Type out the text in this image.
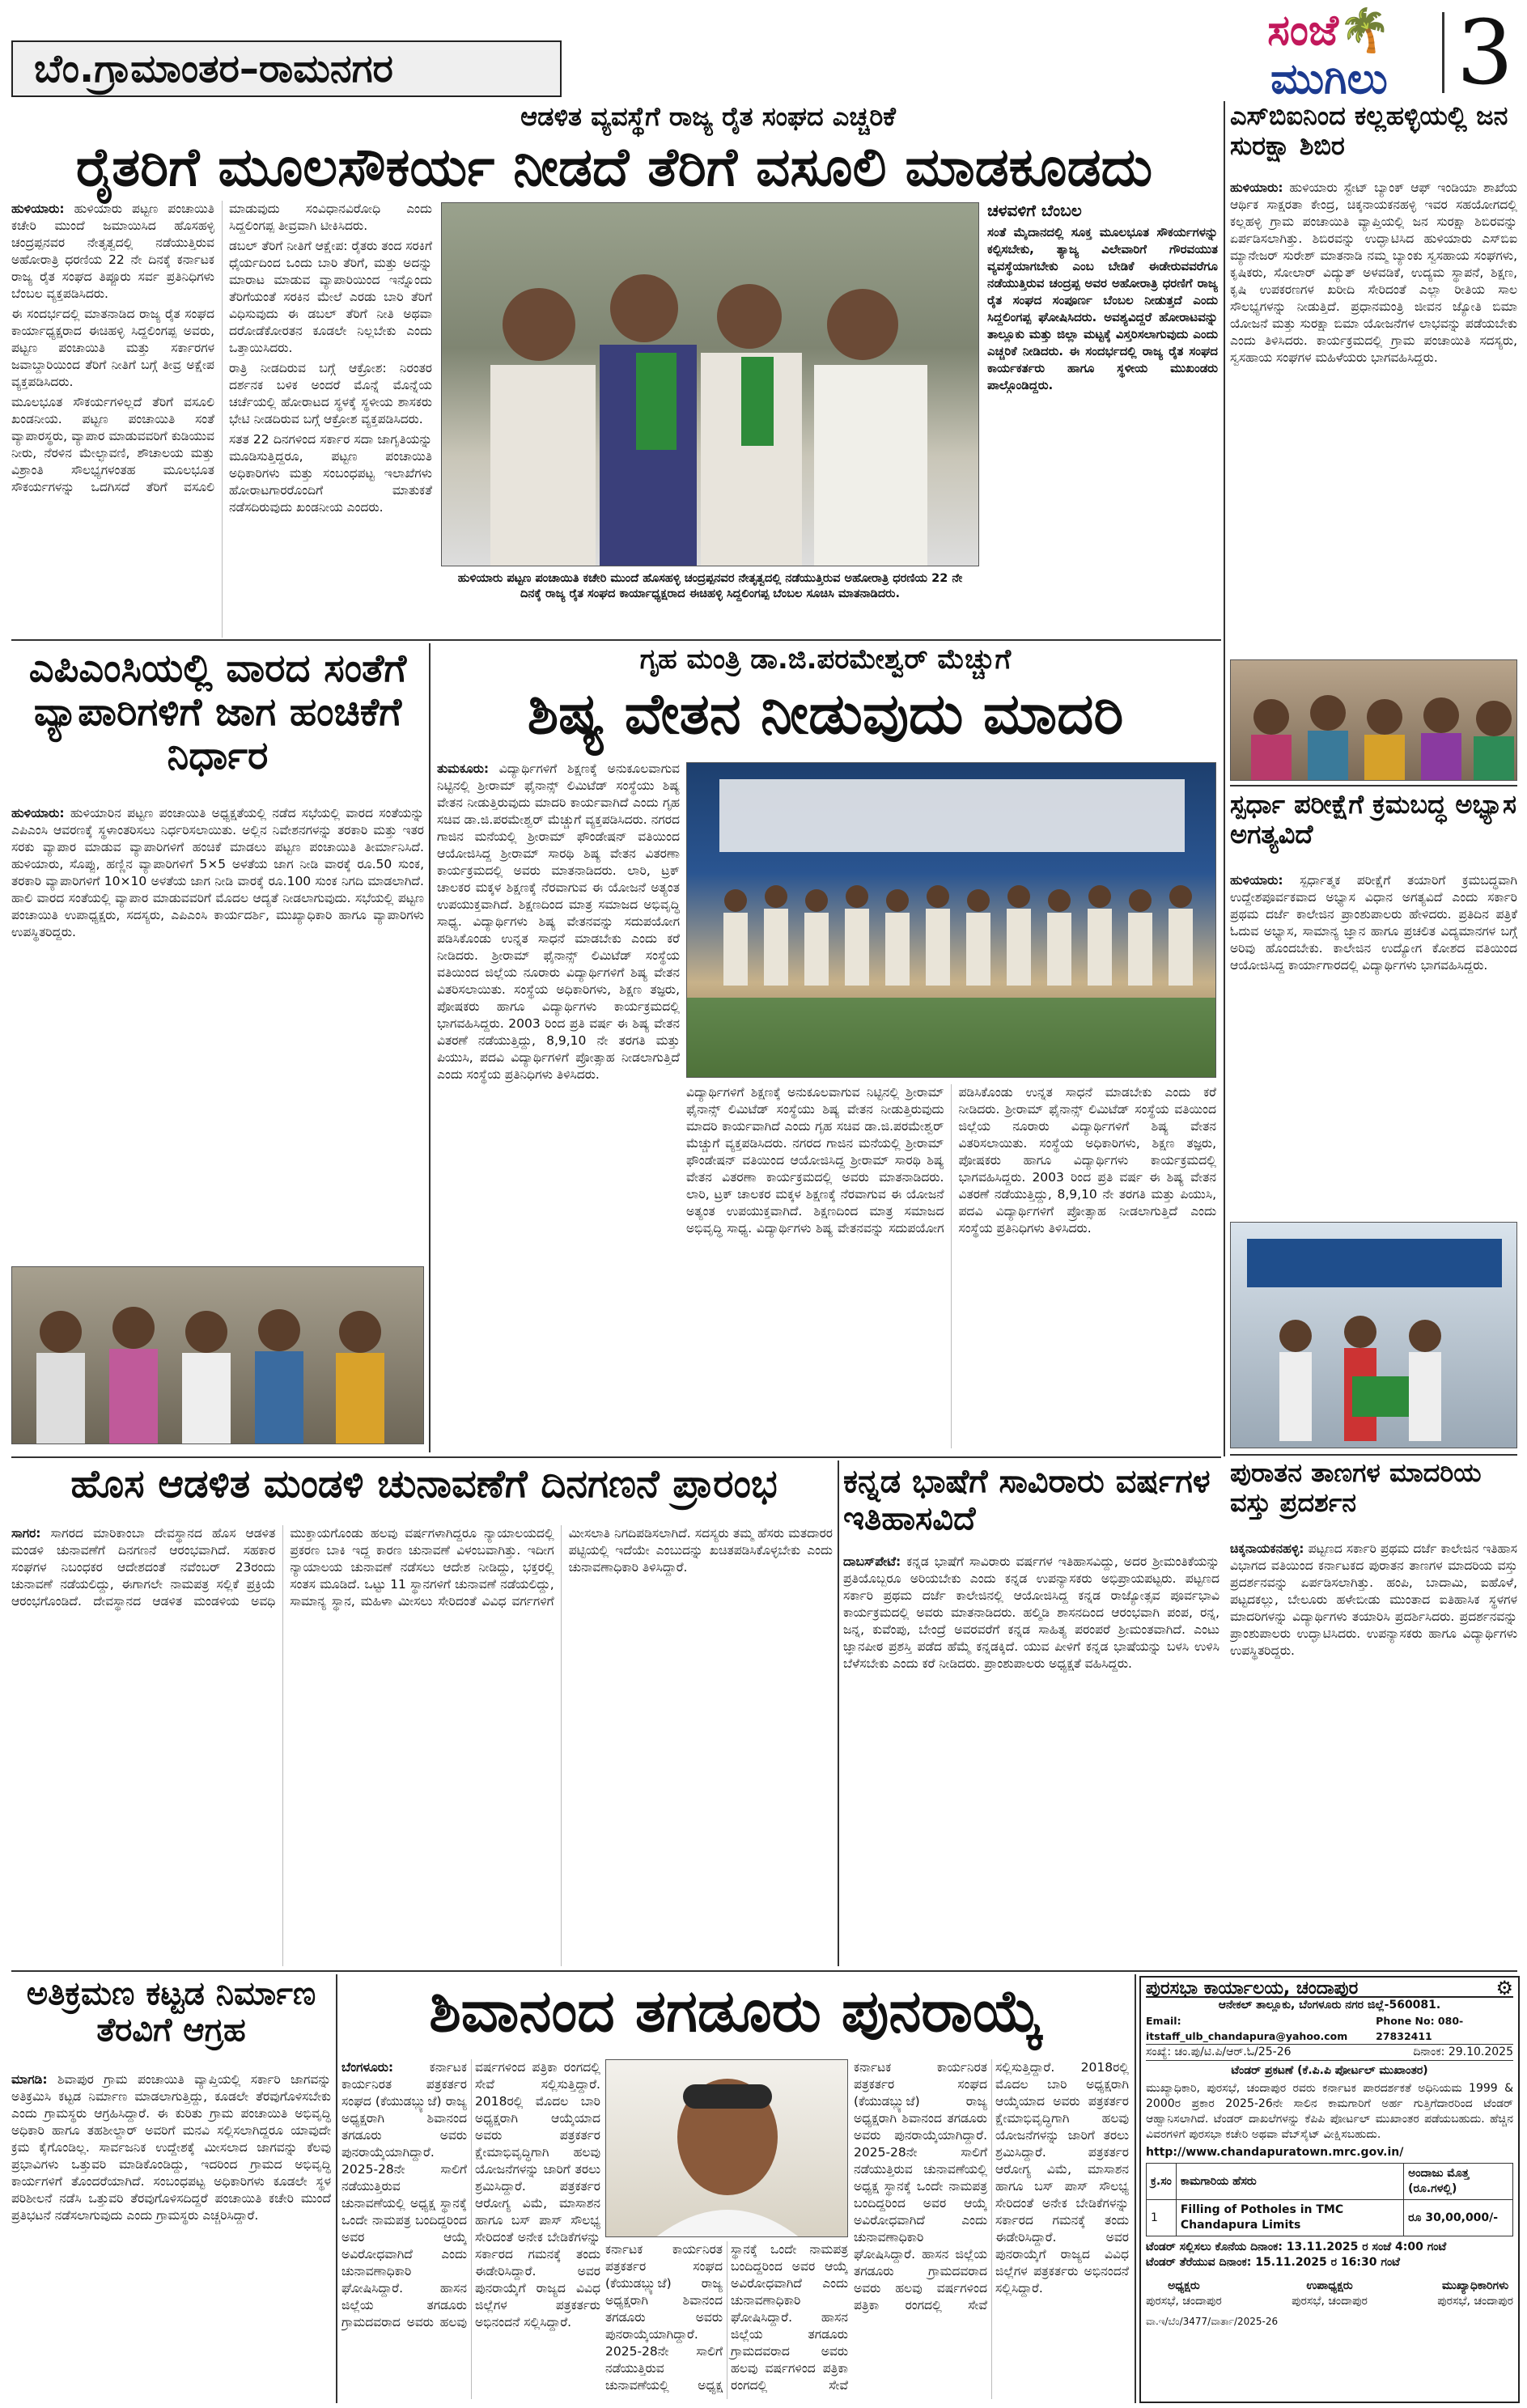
ಬೆಂ.ಗ್ರಾಮಾಂತರ–ರಾಮನಗರ
ಸಂಜೆ🌴ಮುಗಿಲು 3
ಆಡಳಿತ ವ್ಯವಸ್ಥೆಗೆ ರಾಜ್ಯ ರೈತ ಸಂಘದ ಎಚ್ಚರಿಕೆ
ರೈತರಿಗೆ ಮೂಲಸೌಕರ್ಯ ನೀಡದೆ ತೆರಿಗೆ ವಸೂಲಿ ಮಾಡಕೂಡದು

ಹುಳಿಯಾರು: ಹುಳಿಯಾರು ಪಟ್ಟಣ ಪಂಚಾಯಿತಿ ಕಚೇರಿ ಮುಂದೆ ಜಮಾಯಿಸಿದ ಹೊಸಹಳ್ಳಿ ಚಂದ್ರಪ್ಪನವರ ನೇತೃತ್ವದಲ್ಲಿ ನಡೆಯುತ್ತಿರುವ ಅಹೋರಾತ್ರಿ ಧರಣಿಯ 22 ನೇ ದಿನಕ್ಕೆ ಕರ್ನಾಟಕ ರಾಜ್ಯ ರೈತ ಸಂಘದ ತಿಪ್ಪೂರು ಸರ್ವ ಪ್ರತಿನಿಧಿಗಳು ಬೆಂಬಲ ವ್ಯಕ್ತಪಡಿಸಿದರು.

ಈ ಸಂದರ್ಭದಲ್ಲಿ ಮಾತನಾಡಿದ ರಾಜ್ಯ ರೈತ ಸಂಘದ ಕಾರ್ಯಾಧ್ಯಕ್ಷರಾದ ಈಚಿಹಳ್ಳಿ ಸಿದ್ದಲಿಂಗಪ್ಪ ಅವರು, ಪಟ್ಟಣ ಪಂಚಾಯಿತಿ ಮತ್ತು ಸರ್ಕಾರಗಳ ಜವಾಬ್ದಾರಿಯಿಂದ ತೆರಿಗೆ ನೀತಿಗೆ ಬಗ್ಗೆ ತೀವ್ರ ಅಕ್ಷೇಪ ವ್ಯಕ್ತಪಡಿಸಿದರು.

ಮೂಲಭೂತ ಸೌಕರ್ಯಗಳಿಲ್ಲದೆ ತೆರಿಗೆ ವಸೂಲಿ ಖಂಡನೀಯ. ಪಟ್ಟಣ ಪಂಚಾಯಿತಿ ಸಂತೆ ವ್ಯಾಪಾರಸ್ಥರು, ವ್ಯಾಪಾರ ಮಾಡುವವರಿಗೆ ಕುಡಿಯುವ ನೀರು, ನೆರಳಿನ ಮೇಲ್ಛಾವಣಿ, ಶೌಚಾಲಯ ಮತ್ತು ವಿಶ್ರಾಂತಿ ಸೌಲಭ್ಯಗಳಂತಹ ಮೂಲಭೂತ ಸೌಕರ್ಯಗಳನ್ನು ಒದಗಿಸದೆ ತೆರಿಗೆ ವಸೂಲಿ ಮಾಡುವುದು ಸಂವಿಧಾನವಿರೋಧಿ ಎಂದು ಸಿದ್ದಲಿಂಗಪ್ಪ ತೀವ್ರವಾಗಿ ಟೀಕಿಸಿದರು.

ಡಬಲ್ ತೆರಿಗೆ ನೀತಿಗೆ ಆಕ್ಷೇಪ: ರೈತರು ತಂದ ಸರಕಿಗೆ ಧೈರ್ಯದಿಂದ ಒಂದು ಬಾರಿ ತೆರಿಗೆ, ಮತ್ತು ಅದನ್ನು ಮಾರಾಟ ಮಾಡುವ ವ್ಯಾಪಾರಿಯಿಂದ ಇನ್ನೊಂದು ತೆರಿಗೆಯಂತೆ ಸರಕಿನ ಮೇಲೆ ಎರಡು ಬಾರಿ ತೆರಿಗೆ ವಿಧಿಸುವುದು ಈ ಡಬಲ್ ತೆರಿಗೆ ನೀತಿ ಅಥವಾ ದರೋಡೆಕೋರತನ ಕೂಡಲೇ ನಿಲ್ಲಬೇಕು ಎಂದು ಒತ್ತಾಯಿಸಿದರು.

ರಾತ್ರಿ ನೀಡದಿರುವ ಬಗ್ಗೆ ಆಕ್ರೋಶ: ನಿರಂತರ ದರ್ಶನಕ ಬಳಿಕ ಅಂದರೆ ಮೊನ್ನೆ ಮೊನ್ನೆಯ ಚರ್ಚೆಯಲ್ಲಿ ಹೋರಾಟದ ಸ್ಥಳಕ್ಕೆ ಸ್ಥಳೀಯ ಶಾಸಕರು ಭೇಟಿ ನೀಡದಿರುವ ಬಗ್ಗೆ ಆಕ್ರೋಶ ವ್ಯಕ್ತಪಡಿಸಿದರು.

ಸತತ 22 ದಿನಗಳಿಂದ ಸರ್ಕಾರ ಸದಾ ಜಾಗೃತಿಯನ್ನು ಮೂಡಿಸುತ್ತಿದ್ದರೂ, ಪಟ್ಟಣ ಪಂಚಾಯಿತಿ ಅಧಿಕಾರಿಗಳು ಮತ್ತು ಸಂಬಂಧಪಟ್ಟ ಇಲಾಖೆಗಳು ಹೋರಾಟಗಾರರೊಂದಿಗೆ ಮಾತುಕತೆ ನಡೆಸದಿರುವುದು ಖಂಡನೀಯ ಎಂದರು.

ಹುಳಿಯಾರು ಪಟ್ಟಣ ಪಂಚಾಯಿತಿ ಕಚೇರಿ ಮುಂದೆ ಹೊಸಹಳ್ಳಿ ಚಂದ್ರಪ್ಪನವರ ನೇತೃತ್ವದಲ್ಲಿ ನಡೆಯುತ್ತಿರುವ ಅಹೋರಾತ್ರಿ ಧರಣಿಯ 22 ನೇ ದಿನಕ್ಕೆ ರಾಜ್ಯ ರೈತ ಸಂಘದ ಕಾರ್ಯಾಧ್ಯಕ್ಷರಾದ ಈಚಿಹಳ್ಳಿ ಸಿದ್ದಲಿಂಗಪ್ಪ ಬೆಂಬಲ ಸೂಚಿಸಿ ಮಾತನಾಡಿದರು.
ಚಳವಳಿಗೆ ಬೆಂಬಲ
ಸಂತೆ ಮೈದಾನದಲ್ಲಿ ಸೂಕ್ತ ಮೂಲಭೂತ ಸೌಕರ್ಯಗಳನ್ನು ಕಲ್ಪಿಸಬೇಕು, ತ್ಯಾಜ್ಯ ವಿಲೇವಾರಿಗೆ ಗೌರವಯುತ ವ್ಯವಸ್ಥೆಯಾಗಬೇಕು ಎಂಬ ಬೇಡಿಕೆ ಈಡೇರುವವರೆಗೂ ನಡೆಯುತ್ತಿರುವ ಚಂದ್ರಪ್ಪ ಅವರ ಅಹೋರಾತ್ರಿ ಧರಣಿಗೆ ರಾಜ್ಯ ರೈತ ಸಂಘದ ಸಂಪೂರ್ಣ ಬೆಂಬಲ ನೀಡುತ್ತದೆ ಎಂದು ಸಿದ್ದಲಿಂಗಪ್ಪ ಘೋಷಿಸಿದರು. ಅವಶ್ಯವಿದ್ದರೆ ಹೋರಾಟವನ್ನು ತಾಲ್ಲೂಕು ಮತ್ತು ಜಿಲ್ಲಾ ಮಟ್ಟಕ್ಕೆ ವಿಸ್ತರಿಸಲಾಗುವುದು ಎಂದು ಎಚ್ಚರಿಕೆ ನೀಡಿದರು. ಈ ಸಂದರ್ಭದಲ್ಲಿ ರಾಜ್ಯ ರೈತ ಸಂಘದ ಕಾರ್ಯಕರ್ತರು ಹಾಗೂ ಸ್ಥಳೀಯ ಮುಖಂಡರು ಪಾಲ್ಗೊಂಡಿದ್ದರು.
ಎಸ್‌ಬಿಐನಿಂದ ಕಲ್ಲಹಳ್ಳಿಯಲ್ಲಿ ಜನ ಸುರಕ್ಷಾ ಶಿಬಿರ
ಹುಳಿಯಾರು: ಹುಳಿಯಾರು ಸ್ಟೇಟ್ ಬ್ಯಾಂಕ್ ಆಫ್ ಇಂಡಿಯಾ ಶಾಖೆಯ ಆರ್ಥಿಕ ಸಾಕ್ಷರತಾ ಕೇಂದ್ರ, ಚಿಕ್ಕನಾಯಕನಹಳ್ಳಿ ಇವರ ಸಹಯೋಗದಲ್ಲಿ ಕಲ್ಲಹಳ್ಳಿ ಗ್ರಾಮ ಪಂಚಾಯಿತಿ ವ್ಯಾಪ್ತಿಯಲ್ಲಿ ಜನ ಸುರಕ್ಷಾ ಶಿಬಿರವನ್ನು ಏರ್ಪಡಿಸಲಾಗಿತ್ತು. ಶಿಬಿರವನ್ನು ಉದ್ಘಾಟಿಸಿದ ಹುಳಿಯಾರು ಎಸ್‌ಬಿಐ ಮ್ಯಾನೇಜರ್ ಸುರೇಶ್ ಮಾತನಾಡಿ ನಮ್ಮ ಬ್ಯಾಂಕು ಸ್ವಸಹಾಯ ಸಂಘಗಳು, ಕೃಷಿಕರು, ಸೋಲಾರ್ ವಿದ್ಯುತ್ ಅಳವಡಿಕೆ, ಉದ್ಯಮ ಸ್ಥಾಪನೆ, ಶಿಕ್ಷಣ, ಕೃಷಿ ಉಪಕರಣಗಳ ಖರೀದಿ ಸೇರಿದಂತೆ ಎಲ್ಲಾ ರೀತಿಯ ಸಾಲ ಸೌಲಭ್ಯಗಳನ್ನು ನೀಡುತ್ತಿದೆ. ಪ್ರಧಾನಮಂತ್ರಿ ಜೀವನ ಜ್ಯೋತಿ ಬಿಮಾ ಯೋಜನೆ ಮತ್ತು ಸುರಕ್ಷಾ ಬಿಮಾ ಯೋಜನೆಗಳ ಲಾಭವನ್ನು ಪಡೆಯಬೇಕು ಎಂದು ತಿಳಿಸಿದರು. ಕಾರ್ಯಕ್ರಮದಲ್ಲಿ ಗ್ರಾಮ ಪಂಚಾಯಿತಿ ಸದಸ್ಯರು, ಸ್ವಸಹಾಯ ಸಂಘಗಳ ಮಹಿಳೆಯರು ಭಾಗವಹಿಸಿದ್ದರು.
ಸ್ಪರ್ಧಾ ಪರೀಕ್ಷೆಗೆ ಕ್ರಮಬದ್ಧ ಅಭ್ಯಾಸ ಅಗತ್ಯವಿದೆ
ಹುಳಿಯಾರು: ಸ್ಪರ್ಧಾತ್ಮಕ ಪರೀಕ್ಷೆಗೆ ತಯಾರಿಗೆ ಕ್ರಮಬದ್ಧವಾಗಿ ಉದ್ದೇಶಪೂರ್ವಕವಾದ ಅಭ್ಯಾಸ ವಿಧಾನ ಅಗತ್ಯವಿದೆ ಎಂದು ಸರ್ಕಾರಿ ಪ್ರಥಮ ದರ್ಜೆ ಕಾಲೇಜಿನ ಪ್ರಾಂಶುಪಾಲರು ಹೇಳಿದರು. ಪ್ರತಿದಿನ ಪತ್ರಿಕೆ ಓದುವ ಅಭ್ಯಾಸ, ಸಾಮಾನ್ಯ ಜ್ಞಾನ ಹಾಗೂ ಪ್ರಚಲಿತ ವಿದ್ಯಮಾನಗಳ ಬಗ್ಗೆ ಅರಿವು ಹೊಂದಬೇಕು. ಕಾಲೇಜಿನ ಉದ್ಯೋಗ ಕೋಶದ ವತಿಯಿಂದ ಆಯೋಜಿಸಿದ್ದ ಕಾರ್ಯಾಗಾರದಲ್ಲಿ ವಿದ್ಯಾರ್ಥಿಗಳು ಭಾಗವಹಿಸಿದ್ದರು.
ಪುರಾತನ ತಾಣಗಳ ಮಾದರಿಯ ವಸ್ತು ಪ್ರದರ್ಶನ
ಚಿಕ್ಕನಾಯಕನಹಳ್ಳಿ: ಪಟ್ಟಣದ ಸರ್ಕಾರಿ ಪ್ರಥಮ ದರ್ಜೆ ಕಾಲೇಜಿನ ಇತಿಹಾಸ ವಿಭಾಗದ ವತಿಯಿಂದ ಕರ್ನಾಟಕದ ಪುರಾತನ ತಾಣಗಳ ಮಾದರಿಯ ವಸ್ತು ಪ್ರದರ್ಶನವನ್ನು ಏರ್ಪಡಿಸಲಾಗಿತ್ತು. ಹಂಪಿ, ಬಾದಾಮಿ, ಐಹೊಳೆ, ಪಟ್ಟದಕಲ್ಲು, ಬೇಲೂರು ಹಳೇಬೀಡು ಮುಂತಾದ ಐತಿಹಾಸಿಕ ಸ್ಥಳಗಳ ಮಾದರಿಗಳನ್ನು ವಿದ್ಯಾರ್ಥಿಗಳು ತಯಾರಿಸಿ ಪ್ರದರ್ಶಿಸಿದರು. ಪ್ರದರ್ಶನವನ್ನು ಪ್ರಾಂಶುಪಾಲರು ಉದ್ಘಾಟಿಸಿದರು. ಉಪನ್ಯಾಸಕರು ಹಾಗೂ ವಿದ್ಯಾರ್ಥಿಗಳು ಉಪಸ್ಥಿತರಿದ್ದರು.
ಎಪಿಎಂಸಿಯಲ್ಲಿ ವಾರದ ಸಂತೆಗೆ ವ್ಯಾಪಾರಿಗಳಿಗೆ ಜಾಗ ಹಂಚಿಕೆಗೆ ನಿರ್ಧಾರ
ಹುಳಿಯಾರು: ಹುಳಿಯಾರಿನ ಪಟ್ಟಣ ಪಂಚಾಯಿತಿ ಅಧ್ಯಕ್ಷತೆಯಲ್ಲಿ ನಡೆದ ಸಭೆಯಲ್ಲಿ ವಾರದ ಸಂತೆಯನ್ನು ಎಪಿಎಂಸಿ ಆವರಣಕ್ಕೆ ಸ್ಥಳಾಂತರಿಸಲು ನಿರ್ಧರಿಸಲಾಯಿತು. ಅಲ್ಲಿನ ನಿವೇಶನಗಳನ್ನು ತರಕಾರಿ ಮತ್ತು ಇತರ ಸರಕು ವ್ಯಾಪಾರ ಮಾಡುವ ವ್ಯಾಪಾರಿಗಳಿಗೆ ಹಂಚಿಕೆ ಮಾಡಲು ಪಟ್ಟಣ ಪಂಚಾಯಿತಿ ತೀರ್ಮಾನಿಸಿದೆ. ಹುಳಿಯಾರು, ಸೊಪ್ಪು, ಹಣ್ಣಿನ ವ್ಯಾಪಾರಿಗಳಿಗೆ 5×5 ಅಳತೆಯ ಜಾಗ ನೀಡಿ ವಾರಕ್ಕೆ ರೂ.50 ಸುಂಕ, ತರಕಾರಿ ವ್ಯಾಪಾರಿಗಳಿಗೆ 10×10 ಅಳತೆಯ ಜಾಗ ನೀಡಿ ವಾರಕ್ಕೆ ರೂ.100 ಸುಂಕ ನಿಗದಿ ಮಾಡಲಾಗಿದೆ. ಹಾಲಿ ವಾರದ ಸಂತೆಯಲ್ಲಿ ವ್ಯಾಪಾರ ಮಾಡುವವರಿಗೆ ಮೊದಲ ಆದ್ಯತೆ ನೀಡಲಾಗುವುದು. ಸಭೆಯಲ್ಲಿ ಪಟ್ಟಣ ಪಂಚಾಯಿತಿ ಉಪಾಧ್ಯಕ್ಷರು, ಸದಸ್ಯರು, ಎಪಿಎಂಸಿ ಕಾರ್ಯದರ್ಶಿ, ಮುಖ್ಯಾಧಿಕಾರಿ ಹಾಗೂ ವ್ಯಾಪಾರಿಗಳು ಉಪಸ್ಥಿತರಿದ್ದರು.
ಗೃಹ ಮಂತ್ರಿ ಡಾ.ಜಿ.ಪರಮೇಶ್ವರ್ ಮೆಚ್ಚುಗೆ
ಶಿಷ್ಯ ವೇತನ ನೀಡುವುದು ಮಾದರಿ
ತುಮಕೂರು: ವಿದ್ಯಾರ್ಥಿಗಳಿಗೆ ಶಿಕ್ಷಣಕ್ಕೆ ಅನುಕೂಲವಾಗುವ ನಿಟ್ಟಿನಲ್ಲಿ ಶ್ರೀರಾಮ್ ಫೈನಾನ್ಸ್ ಲಿಮಿಟೆಡ್ ಸಂಸ್ಥೆಯು ಶಿಷ್ಯ ವೇತನ ನೀಡುತ್ತಿರುವುದು ಮಾದರಿ ಕಾರ್ಯವಾಗಿದೆ ಎಂದು ಗೃಹ ಸಚಿವ ಡಾ.ಜಿ.ಪರಮೇಶ್ವರ್ ಮೆಚ್ಚುಗೆ ವ್ಯಕ್ತಪಡಿಸಿದರು. ನಗರದ ಗಾಜಿನ ಮನೆಯಲ್ಲಿ ಶ್ರೀರಾಮ್ ಫೌಂಡೇಷನ್ ವತಿಯಿಂದ ಆಯೋಜಿಸಿದ್ದ ಶ್ರೀರಾಮ್ ಸಾರಥಿ ಶಿಷ್ಯ ವೇತನ ವಿತರಣಾ ಕಾರ್ಯಕ್ರಮದಲ್ಲಿ ಅವರು ಮಾತನಾಡಿದರು. ಲಾರಿ, ಟ್ರಕ್ ಚಾಲಕರ ಮಕ್ಕಳ ಶಿಕ್ಷಣಕ್ಕೆ ನೆರವಾಗುವ ಈ ಯೋಜನೆ ಅತ್ಯಂತ ಉಪಯುಕ್ತವಾಗಿದೆ. ಶಿಕ್ಷಣದಿಂದ ಮಾತ್ರ ಸಮಾಜದ ಅಭಿವೃದ್ಧಿ ಸಾಧ್ಯ. ವಿದ್ಯಾರ್ಥಿಗಳು ಶಿಷ್ಯ ವೇತನವನ್ನು ಸದುಪಯೋಗ ಪಡಿಸಿಕೊಂಡು ಉನ್ನತ ಸಾಧನೆ ಮಾಡಬೇಕು ಎಂದು ಕರೆ ನೀಡಿದರು. ಶ್ರೀರಾಮ್ ಫೈನಾನ್ಸ್ ಲಿಮಿಟೆಡ್ ಸಂಸ್ಥೆಯ ವತಿಯಿಂದ ಜಿಲ್ಲೆಯ ನೂರಾರು ವಿದ್ಯಾರ್ಥಿಗಳಿಗೆ ಶಿಷ್ಯ ವೇತನ ವಿತರಿಸಲಾಯಿತು. ಸಂಸ್ಥೆಯ ಅಧಿಕಾರಿಗಳು, ಶಿಕ್ಷಣ ತಜ್ಞರು, ಪೋಷಕರು ಹಾಗೂ ವಿದ್ಯಾರ್ಥಿಗಳು ಕಾರ್ಯಕ್ರಮದಲ್ಲಿ ಭಾಗವಹಿಸಿದ್ದರು. 2003 ರಿಂದ ಪ್ರತಿ ವರ್ಷ ಈ ಶಿಷ್ಯ ವೇತನ ವಿತರಣೆ ನಡೆಯುತ್ತಿದ್ದು, 8,9,10 ನೇ ತರಗತಿ ಮತ್ತು ಪಿಯುಸಿ, ಪದವಿ ವಿದ್ಯಾರ್ಥಿಗಳಿಗೆ ಪ್ರೋತ್ಸಾಹ ನೀಡಲಾಗುತ್ತಿದೆ ಎಂದು ಸಂಸ್ಥೆಯ ಪ್ರತಿನಿಧಿಗಳು ತಿಳಿಸಿದರು.
ವಿದ್ಯಾರ್ಥಿಗಳಿಗೆ ಶಿಕ್ಷಣಕ್ಕೆ ಅನುಕೂಲವಾಗುವ ನಿಟ್ಟಿನಲ್ಲಿ ಶ್ರೀರಾಮ್ ಫೈನಾನ್ಸ್ ಲಿಮಿಟೆಡ್ ಸಂಸ್ಥೆಯು ಶಿಷ್ಯ ವೇತನ ನೀಡುತ್ತಿರುವುದು ಮಾದರಿ ಕಾರ್ಯವಾಗಿದೆ ಎಂದು ಗೃಹ ಸಚಿವ ಡಾ.ಜಿ.ಪರಮೇಶ್ವರ್ ಮೆಚ್ಚುಗೆ ವ್ಯಕ್ತಪಡಿಸಿದರು. ನಗರದ ಗಾಜಿನ ಮನೆಯಲ್ಲಿ ಶ್ರೀರಾಮ್ ಫೌಂಡೇಷನ್ ವತಿಯಿಂದ ಆಯೋಜಿಸಿದ್ದ ಶ್ರೀರಾಮ್ ಸಾರಥಿ ಶಿಷ್ಯ ವೇತನ ವಿತರಣಾ ಕಾರ್ಯಕ್ರಮದಲ್ಲಿ ಅವರು ಮಾತನಾಡಿದರು. ಲಾರಿ, ಟ್ರಕ್ ಚಾಲಕರ ಮಕ್ಕಳ ಶಿಕ್ಷಣಕ್ಕೆ ನೆರವಾಗುವ ಈ ಯೋಜನೆ ಅತ್ಯಂತ ಉಪಯುಕ್ತವಾಗಿದೆ. ಶಿಕ್ಷಣದಿಂದ ಮಾತ್ರ ಸಮಾಜದ ಅಭಿವೃದ್ಧಿ ಸಾಧ್ಯ. ವಿದ್ಯಾರ್ಥಿಗಳು ಶಿಷ್ಯ ವೇತನವನ್ನು ಸದುಪಯೋಗ ಪಡಿಸಿಕೊಂಡು ಉನ್ನತ ಸಾಧನೆ ಮಾಡಬೇಕು ಎಂದು ಕರೆ ನೀಡಿದರು. ಶ್ರೀರಾಮ್ ಫೈನಾನ್ಸ್ ಲಿಮಿಟೆಡ್ ಸಂಸ್ಥೆಯ ವತಿಯಿಂದ ಜಿಲ್ಲೆಯ ನೂರಾರು ವಿದ್ಯಾರ್ಥಿಗಳಿಗೆ ಶಿಷ್ಯ ವೇತನ ವಿತರಿಸಲಾಯಿತು. ಸಂಸ್ಥೆಯ ಅಧಿಕಾರಿಗಳು, ಶಿಕ್ಷಣ ತಜ್ಞರು, ಪೋಷಕರು ಹಾಗೂ ವಿದ್ಯಾರ್ಥಿಗಳು ಕಾರ್ಯಕ್ರಮದಲ್ಲಿ ಭಾಗವಹಿಸಿದ್ದರು. 2003 ರಿಂದ ಪ್ರತಿ ವರ್ಷ ಈ ಶಿಷ್ಯ ವೇತನ ವಿತರಣೆ ನಡೆಯುತ್ತಿದ್ದು, 8,9,10 ನೇ ತರಗತಿ ಮತ್ತು ಪಿಯುಸಿ, ಪದವಿ ವಿದ್ಯಾರ್ಥಿಗಳಿಗೆ ಪ್ರೋತ್ಸಾಹ ನೀಡಲಾಗುತ್ತಿದೆ ಎಂದು ಸಂಸ್ಥೆಯ ಪ್ರತಿನಿಧಿಗಳು ತಿಳಿಸಿದರು.
ಹೊಸ ಆಡಳಿತ ಮಂಡಳಿ ಚುನಾವಣೆಗೆ ದಿನಗಣನೆ ಪ್ರಾರಂಭ
ಸಾಗರ: ಸಾಗರದ ಮಾರಿಕಾಂಬಾ ದೇವಸ್ಥಾನದ ಹೊಸ ಆಡಳಿತ ಮಂಡಳಿ ಚುನಾವಣೆಗೆ ದಿನಗಣನೆ ಆರಂಭವಾಗಿದೆ. ಸಹಕಾರ ಸಂಘಗಳ ನಿಬಂಧಕರ ಆದೇಶದಂತೆ ನವೆಂಬರ್ 23ರಂದು ಚುನಾವಣೆ ನಡೆಯಲಿದ್ದು, ಈಗಾಗಲೇ ನಾಮಪತ್ರ ಸಲ್ಲಿಕೆ ಪ್ರಕ್ರಿಯೆ ಆರಂಭಗೊಂಡಿದೆ. ದೇವಸ್ಥಾನದ ಆಡಳಿತ ಮಂಡಳಿಯ ಅವಧಿ ಮುಕ್ತಾಯಗೊಂಡು ಹಲವು ವರ್ಷಗಳಾಗಿದ್ದರೂ ನ್ಯಾಯಾಲಯದಲ್ಲಿ ಪ್ರಕರಣ ಬಾಕಿ ಇದ್ದ ಕಾರಣ ಚುನಾವಣೆ ವಿಳಂಬವಾಗಿತ್ತು. ಇದೀಗ ನ್ಯಾಯಾಲಯ ಚುನಾವಣೆ ನಡೆಸಲು ಆದೇಶ ನೀಡಿದ್ದು, ಭಕ್ತರಲ್ಲಿ ಸಂತಸ ಮೂಡಿದೆ. ಒಟ್ಟು 11 ಸ್ಥಾನಗಳಿಗೆ ಚುನಾವಣೆ ನಡೆಯಲಿದ್ದು, ಸಾಮಾನ್ಯ ಸ್ಥಾನ, ಮಹಿಳಾ ಮೀಸಲು ಸೇರಿದಂತೆ ವಿವಿಧ ವರ್ಗಗಳಿಗೆ ಮೀಸಲಾತಿ ನಿಗದಿಪಡಿಸಲಾಗಿದೆ. ಸದಸ್ಯರು ತಮ್ಮ ಹೆಸರು ಮತದಾರರ ಪಟ್ಟಿಯಲ್ಲಿ ಇದೆಯೇ ಎಂಬುದನ್ನು ಖಚಿತಪಡಿಸಿಕೊಳ್ಳಬೇಕು ಎಂದು ಚುನಾವಣಾಧಿಕಾರಿ ತಿಳಿಸಿದ್ದಾರೆ.
ಕನ್ನಡ ಭಾಷೆಗೆ ಸಾವಿರಾರು ವರ್ಷಗಳ ಇತಿಹಾಸವಿದೆ
ದಾಬಸ್‌ಪೇಟೆ: ಕನ್ನಡ ಭಾಷೆಗೆ ಸಾವಿರಾರು ವರ್ಷಗಳ ಇತಿಹಾಸವಿದ್ದು, ಅದರ ಶ್ರೀಮಂತಿಕೆಯನ್ನು ಪ್ರತಿಯೊಬ್ಬರೂ ಅರಿಯಬೇಕು ಎಂದು ಕನ್ನಡ ಉಪನ್ಯಾಸಕರು ಅಭಿಪ್ರಾಯಪಟ್ಟರು. ಪಟ್ಟಣದ ಸರ್ಕಾರಿ ಪ್ರಥಮ ದರ್ಜೆ ಕಾಲೇಜಿನಲ್ಲಿ ಆಯೋಜಿಸಿದ್ದ ಕನ್ನಡ ರಾಜ್ಯೋತ್ಸವ ಪೂರ್ವಭಾವಿ ಕಾರ್ಯಕ್ರಮದಲ್ಲಿ ಅವರು ಮಾತನಾಡಿದರು. ಹಲ್ಮಿಡಿ ಶಾಸನದಿಂದ ಆರಂಭವಾಗಿ ಪಂಪ, ರನ್ನ, ಜನ್ನ, ಕುವೆಂಪು, ಬೇಂದ್ರೆ ಅವರವರೆಗೆ ಕನ್ನಡ ಸಾಹಿತ್ಯ ಪರಂಪರೆ ಶ್ರೀಮಂತವಾಗಿದೆ. ಎಂಟು ಜ್ಞಾನಪೀಠ ಪ್ರಶಸ್ತಿ ಪಡೆದ ಹೆಮ್ಮೆ ಕನ್ನಡಕ್ಕಿದೆ. ಯುವ ಪೀಳಿಗೆ ಕನ್ನಡ ಭಾಷೆಯನ್ನು ಬಳಸಿ ಉಳಿಸಿ ಬೆಳೆಸಬೇಕು ಎಂದು ಕರೆ ನೀಡಿದರು. ಪ್ರಾಂಶುಪಾಲರು ಅಧ್ಯಕ್ಷತೆ ವಹಿಸಿದ್ದರು.
ಅತಿಕ್ರಮಣ ಕಟ್ಟಡ ನಿರ್ಮಾಣ ತೆರವಿಗೆ ಆಗ್ರಹ
ಮಾಗಡಿ: ಶಿವಾಪುರ ಗ್ರಾಮ ಪಂಚಾಯಿತಿ ವ್ಯಾಪ್ತಿಯಲ್ಲಿ ಸರ್ಕಾರಿ ಜಾಗವನ್ನು ಅತಿಕ್ರಮಿಸಿ ಕಟ್ಟಡ ನಿರ್ಮಾಣ ಮಾಡಲಾಗುತ್ತಿದ್ದು, ಕೂಡಲೇ ತೆರವುಗೊಳಿಸಬೇಕು ಎಂದು ಗ್ರಾಮಸ್ಥರು ಆಗ್ರಹಿಸಿದ್ದಾರೆ. ಈ ಕುರಿತು ಗ್ರಾಮ ಪಂಚಾಯಿತಿ ಅಭಿವೃದ್ಧಿ ಅಧಿಕಾರಿ ಹಾಗೂ ತಹಶೀಲ್ದಾರ್ ಅವರಿಗೆ ಮನವಿ ಸಲ್ಲಿಸಲಾಗಿದ್ದರೂ ಯಾವುದೇ ಕ್ರಮ ಕೈಗೊಂಡಿಲ್ಲ. ಸಾರ್ವಜನಿಕ ಉದ್ದೇಶಕ್ಕೆ ಮೀಸಲಾದ ಜಾಗವನ್ನು ಕೆಲವು ಪ್ರಭಾವಿಗಳು ಒತ್ತುವರಿ ಮಾಡಿಕೊಂಡಿದ್ದು, ಇದರಿಂದ ಗ್ರಾಮದ ಅಭಿವೃದ್ಧಿ ಕಾರ್ಯಗಳಿಗೆ ತೊಂದರೆಯಾಗಿದೆ. ಸಂಬಂಧಪಟ್ಟ ಅಧಿಕಾರಿಗಳು ಕೂಡಲೇ ಸ್ಥಳ ಪರಿಶೀಲನೆ ನಡೆಸಿ ಒತ್ತುವರಿ ತೆರವುಗೊಳಿಸದಿದ್ದರೆ ಪಂಚಾಯಿತಿ ಕಚೇರಿ ಮುಂದೆ ಪ್ರತಿಭಟನೆ ನಡೆಸಲಾಗುವುದು ಎಂದು ಗ್ರಾಮಸ್ಥರು ಎಚ್ಚರಿಸಿದ್ದಾರೆ.
ಶಿವಾನಂದ ತಗಡೂರು ಪುನರಾಯ್ಕೆ
ಬೆಂಗಳೂರು:	ಕರ್ನಾಟಕ ಕಾರ್ಯನಿರತ ಪತ್ರಕರ್ತರ ಸಂಘದ (ಕೆಯುಡಬ್ಲ್ಯುಜೆ) ರಾಜ್ಯ ಅಧ್ಯಕ್ಷರಾಗಿ ಶಿವಾನಂದ ತಗಡೂರು ಅವರು ಪುನರಾಯ್ಕೆಯಾಗಿದ್ದಾರೆ. 2025-28ನೇ ಸಾಲಿಗೆ ನಡೆಯುತ್ತಿರುವ ಚುನಾವಣೆಯಲ್ಲಿ ಅಧ್ಯಕ್ಷ ಸ್ಥಾನಕ್ಕೆ ಒಂದೇ ನಾಮಪತ್ರ ಬಂದಿದ್ದರಿಂದ ಅವರ ಆಯ್ಕೆ ಅವಿರೋಧವಾಗಿದೆ ಎಂದು ಚುನಾವಣಾಧಿಕಾರಿ ಘೋಷಿಸಿದ್ದಾರೆ. ಹಾಸನ ಜಿಲ್ಲೆಯ ತಗಡೂರು ಗ್ರಾಮದವರಾದ ಅವರು ಹಲವು ವರ್ಷಗಳಿಂದ ಪತ್ರಿಕಾ ರಂಗದಲ್ಲಿ ಸೇವೆ ಸಲ್ಲಿಸುತ್ತಿದ್ದಾರೆ. 2018ರಲ್ಲಿ ಮೊದಲ ಬಾರಿ ಅಧ್ಯಕ್ಷರಾಗಿ ಆಯ್ಕೆಯಾದ ಅವರು ಪತ್ರಕರ್ತರ ಕ್ಷೇಮಾಭಿವೃದ್ಧಿಗಾಗಿ ಹಲವು ಯೋಜನೆಗಳನ್ನು ಜಾರಿಗೆ ತರಲು ಶ್ರಮಿಸಿದ್ದಾರೆ. ಪತ್ರಕರ್ತರ ಆರೋಗ್ಯ ವಿಮೆ, ಮಾಸಾಶನ ಹಾಗೂ ಬಸ್ ಪಾಸ್ ಸೌಲಭ್ಯ ಸೇರಿದಂತೆ ಅನೇಕ ಬೇಡಿಕೆಗಳನ್ನು ಸರ್ಕಾರದ ಗಮನಕ್ಕೆ ತಂದು ಈಡೇರಿಸಿದ್ದಾರೆ. ಅವರ ಪುನರಾಯ್ಕೆಗೆ ರಾಜ್ಯದ ವಿವಿಧ ಜಿಲ್ಲೆಗಳ ಪತ್ರಕರ್ತರು ಅಭಿನಂದನೆ ಸಲ್ಲಿಸಿದ್ದಾರೆ.
ಕರ್ನಾಟಕ ಕಾರ್ಯನಿರತ ಪತ್ರಕರ್ತರ ಸಂಘದ (ಕೆಯುಡಬ್ಲ್ಯುಜೆ) ರಾಜ್ಯ ಅಧ್ಯಕ್ಷರಾಗಿ ಶಿವಾನಂದ ತಗಡೂರು ಅವರು ಪುನರಾಯ್ಕೆಯಾಗಿದ್ದಾರೆ. 2025-28ನೇ ಸಾಲಿಗೆ ನಡೆಯುತ್ತಿರುವ ಚುನಾವಣೆಯಲ್ಲಿ ಅಧ್ಯಕ್ಷ ಸ್ಥಾನಕ್ಕೆ ಒಂದೇ ನಾಮಪತ್ರ ಬಂದಿದ್ದರಿಂದ ಅವರ ಆಯ್ಕೆ ಅವಿರೋಧವಾಗಿದೆ ಎಂದು ಚುನಾವಣಾಧಿಕಾರಿ ಘೋಷಿಸಿದ್ದಾರೆ. ಹಾಸನ ಜಿಲ್ಲೆಯ ತಗಡೂರು ಗ್ರಾಮದವರಾದ ಅವರು ಹಲವು ವರ್ಷಗಳಿಂದ ಪತ್ರಿಕಾ ರಂಗದಲ್ಲಿ ಸೇವೆ
ಕರ್ನಾಟಕ ಕಾರ್ಯನಿರತ ಪತ್ರಕರ್ತರ ಸಂಘದ (ಕೆಯುಡಬ್ಲ್ಯುಜೆ) ರಾಜ್ಯ ಅಧ್ಯಕ್ಷರಾಗಿ ಶಿವಾನಂದ ತಗಡೂರು ಅವರು ಪುನರಾಯ್ಕೆಯಾಗಿದ್ದಾರೆ. 2025-28ನೇ ಸಾಲಿಗೆ ನಡೆಯುತ್ತಿರುವ ಚುನಾವಣೆಯಲ್ಲಿ ಅಧ್ಯಕ್ಷ ಸ್ಥಾನಕ್ಕೆ ಒಂದೇ ನಾಮಪತ್ರ ಬಂದಿದ್ದರಿಂದ ಅವರ ಆಯ್ಕೆ ಅವಿರೋಧವಾಗಿದೆ ಎಂದು ಚುನಾವಣಾಧಿಕಾರಿ ಘೋಷಿಸಿದ್ದಾರೆ. ಹಾಸನ ಜಿಲ್ಲೆಯ ತಗಡೂರು ಗ್ರಾಮದವರಾದ ಅವರು ಹಲವು ವರ್ಷಗಳಿಂದ ಪತ್ರಿಕಾ ರಂಗದಲ್ಲಿ ಸೇವೆ ಸಲ್ಲಿಸುತ್ತಿದ್ದಾರೆ. 2018ರಲ್ಲಿ ಮೊದಲ ಬಾರಿ ಅಧ್ಯಕ್ಷರಾಗಿ ಆಯ್ಕೆಯಾದ ಅವರು ಪತ್ರಕರ್ತರ ಕ್ಷೇಮಾಭಿವೃದ್ಧಿಗಾಗಿ ಹಲವು ಯೋಜನೆಗಳನ್ನು ಜಾರಿಗೆ ತರಲು ಶ್ರಮಿಸಿದ್ದಾರೆ. ಪತ್ರಕರ್ತರ ಆರೋಗ್ಯ ವಿಮೆ, ಮಾಸಾಶನ ಹಾಗೂ ಬಸ್ ಪಾಸ್ ಸೌಲಭ್ಯ ಸೇರಿದಂತೆ ಅನೇಕ ಬೇಡಿಕೆಗಳನ್ನು ಸರ್ಕಾರದ ಗಮನಕ್ಕೆ ತಂದು ಈಡೇರಿಸಿದ್ದಾರೆ. ಅವರ ಪುನರಾಯ್ಕೆಗೆ ರಾಜ್ಯದ ವಿವಿಧ ಜಿಲ್ಲೆಗಳ ಪತ್ರಕರ್ತರು ಅಭಿನಂದನೆ ಸಲ್ಲಿಸಿದ್ದಾರೆ.
ಪುರಸಭಾ ಕಾರ್ಯಾಲಯ, ಚಂದಾಪುರ	⚙
ಆನೇಕಲ್ ತಾಲ್ಲೂಕು, ಬೆಂಗಳೂರು ನಗರ ಜಿಲ್ಲೆ-560081.
Email: itstaff_ulb_chandapura@yahoo.com
Phone No: 080-27832411
ಸಂಖ್ಯೆ: ಚಂ.ಪು/ಟಿ.ಪಿ/ಆರ್.ಓ/25-26	ದಿನಾಂಕ: 29.10.2025
ಟೆಂಡರ್ ಪ್ರಕಟಣೆ (ಕೆ.ಪಿ.ಪಿ ಪೋರ್ಟಲ್ ಮುಖಾಂತರ)
ಮುಖ್ಯಾಧಿಕಾರಿ, ಪುರಸಭೆ, ಚಂದಾಪುರ ರವರು ಕರ್ನಾಟಕ ಪಾರದರ್ಶಕತೆ ಅಧಿನಿಯಮ 1999 & 2000ರ ಪ್ರಕಾರ 2025-26ನೇ ಸಾಲಿನ ಕಾಮಗಾರಿಗೆ ಅರ್ಹ ಗುತ್ತಿಗೆದಾರರಿಂದ ಟೆಂಡರ್ ಆಹ್ವಾನಿಸಲಾಗಿದೆ. ಟೆಂಡರ್ ದಾಖಲೆಗಳನ್ನು ಕೆಪಿಪಿ ಪೋರ್ಟಲ್ ಮುಖಾಂತರ ಪಡೆಯಬಹುದು. ಹೆಚ್ಚಿನ ವಿವರಗಳಿಗೆ ಪುರಸಭಾ ಕಚೇರಿ ಅಥವಾ ವೆಬ್‌ಸೈಟ್ ವೀಕ್ಷಿಸಬಹುದು.
http://www.chandapuratown.mrc.gov.in/
ಕ್ರ.ಸಂ	ಕಾಮಗಾರಿಯ ಹೆಸರು	ಅಂದಾಜು ಮೊತ್ತ (ರೂ.ಗಳಲ್ಲಿ)
1	Filling of Potholes in TMC Chandapura Limits	ರೂ 30,00,000/-
ಟೆಂಡರ್ ಸಲ್ಲಿಸಲು ಕೊನೆಯ ದಿನಾಂಕ: 13.11.2025 ರ ಸಂಜೆ 4:00 ಗಂಟೆ
ಟೆಂಡರ್ ತೆರೆಯುವ ದಿನಾಂಕ: 15.11.2025 ರ 16:30 ಗಂಟೆ
ಅಧ್ಯಕ್ಷರು
ಪುರಸಭೆ, ಚಂದಾಪುರ
ಉಪಾಧ್ಯಕ್ಷರು
ಪುರಸಭೆ, ಚಂದಾಪುರ
ಮುಖ್ಯಾಧಿಕಾರಿಗಳು
ಪುರಸಭೆ, ಚಂದಾಪುರ
ವಾ.ಇ/ಬೆಂ/3477/ವಾರ್ತಾ/2025-26
